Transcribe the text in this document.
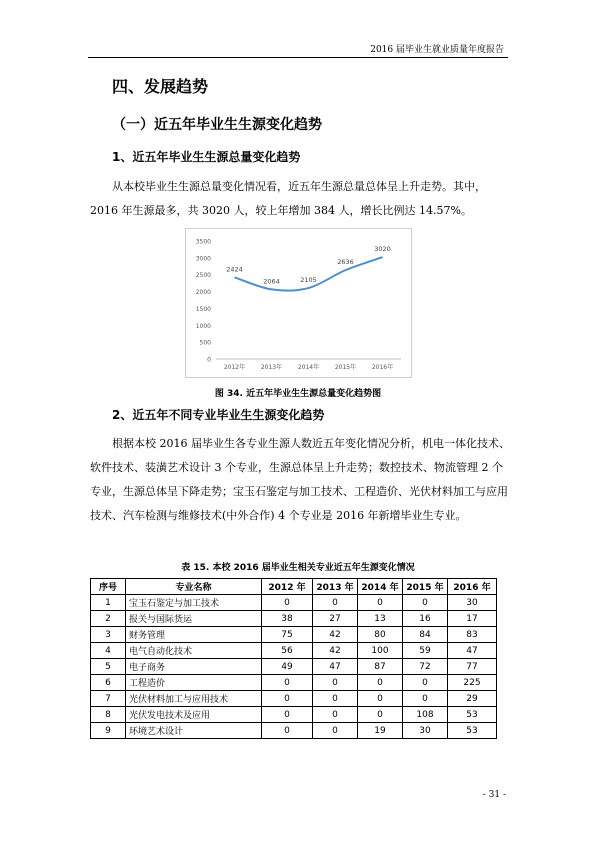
2016 届毕业生就业质量年度报告
四、发展趋势
（一）近五年毕业生生源变化趋势
1、近五年毕业生生源总量变化趋势

从本校毕业生生源总量变化情况看，近五年生源总量总体呈上升走势。其中，2016 年生源最多，共 3020 人，较上年增加 384 人，增长比例达 14.57%。

0
500
1000
1500
2000
2500
3000
3500
2012年	2013年	2014年	2015年	2016年
2424
2064	2105
2636
3020
图 34. 近五年毕业生生源总量变化趋势图
2、近五年不同专业毕业生生源变化趋势

根据本校 2016 届毕业生各专业生源人数近五年变化情况分析，机电一体化技术、软件技术、装潢艺术设计 3 个专业，生源总体呈上升走势；数控技术、物流管理 2 个专业，生源总体呈下降走势；宝玉石鉴定与加工技术、工程造价、光伏材料加工与应用技术、汽车检测与维修技术(中外合作) 4 个专业是 2016 年新增毕业生专业。

表 15. 本校 2016 届毕业生相关专业近五年生源变化情况
序号	专业名称	2012 年	2013 年	2014 年	2015 年	2016 年
1	宝玉石鉴定与加工技术	0	0	0	0	30
2	报关与国际货运	38	27	13	16	17
3	财务管理	75	42	80	84	83
4	电气自动化技术	56	42	100	59	47
5	电子商务	49	47	87	72	77
6	工程造价	0	0	0	0	225
7	光伏材料加工与应用技术	0	0	0	0	29
8	光伏发电技术及应用	0	0	0	108	53
9	环境艺术设计	0	0	19	30	53
- 31 -
